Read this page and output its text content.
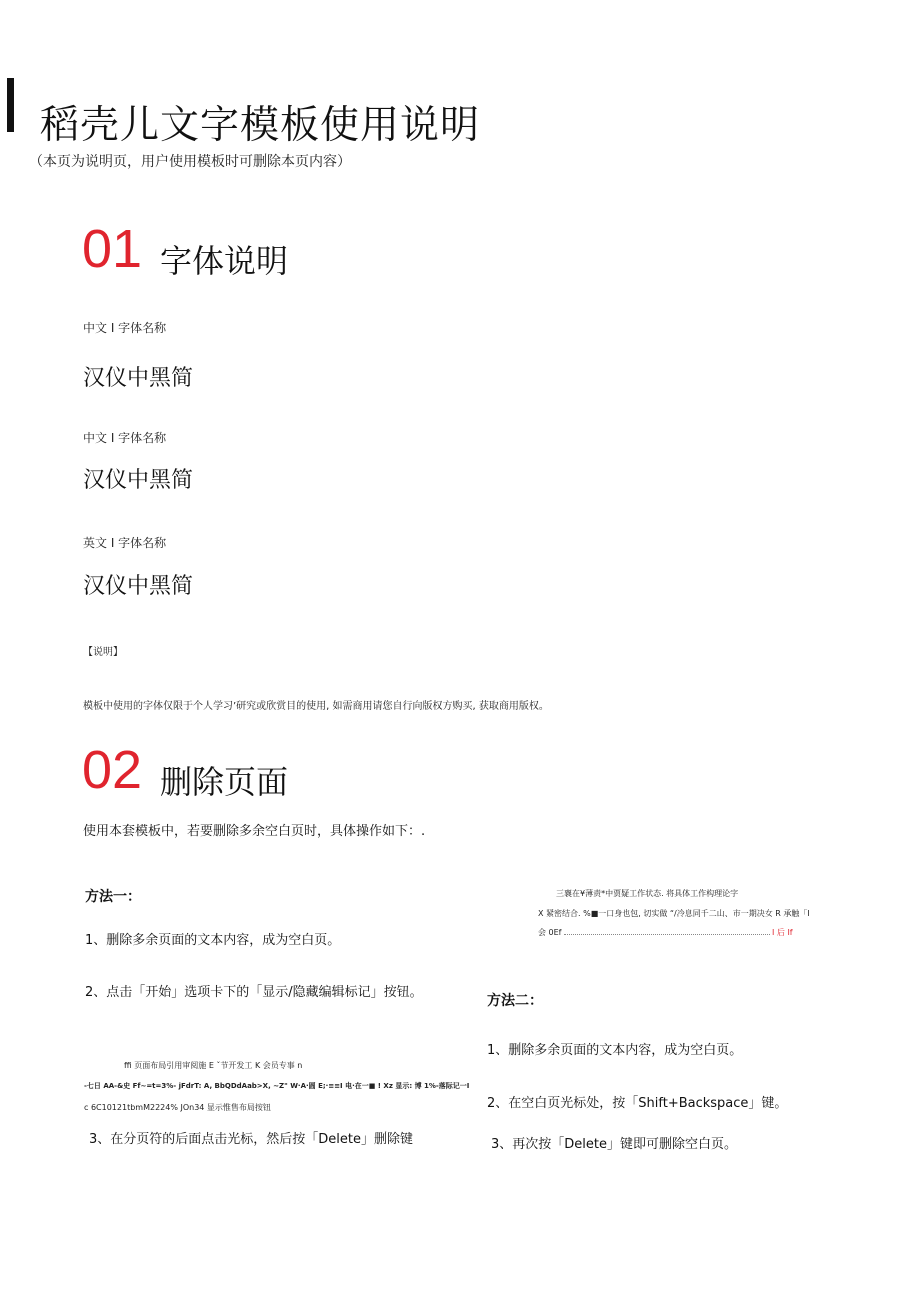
稻壳儿文字模板使用说明
（本页为说明页，用户使用模板时可删除本页内容）
01 字体说明
中文 I 字体名称
汉仪中黑简
中文 I 字体名称
汉仪中黑简
英文 I 字体名称
汉仪中黑简
【说明】
模板中使用的字体仅限于个人学习’研究或欣赏目的使用, 如需商用请您自行向版权方购买, 获取商用版权。
02 删除页面
使用本套模板中，若要删除多余空白页时，具体操作如下：.
方法一：
1、删除多余页面的文本内容，成为空白页。
2、点击「开始」选项卡下的「显示/隐藏编辑标记」按钮。
ffi 页面布局引用审阅施 E ˇ节开发工 K 会员专事 n
-七日 AA-&史 Ff~=t=3%- jFdrT: A, BbQDdAab>X, ~Z" W·A·圆 E;·≡≡I 电·在一■ ! Xz 显示: 博 1%-落际记一I
c 6C10121tbmM2224% JOn34 显示惟售布局按钮
3、在分页符的后面点击光标，然后按「Delete」删除键
三襄在¥薄责*中贾疑工作状态. 将具体工作构理论字
X 紧密结合. %■一口身也包, 切实做 “/冷息同千二山、市一期决女 R 承触「I
会 0Ef	I 后 If
方法二：
1、删除多余页面的文本内容，成为空白页。
2、在空白页光标处，按「Shift+Backspace」键。
3、再次按「Delete」键即可删除空白页。
